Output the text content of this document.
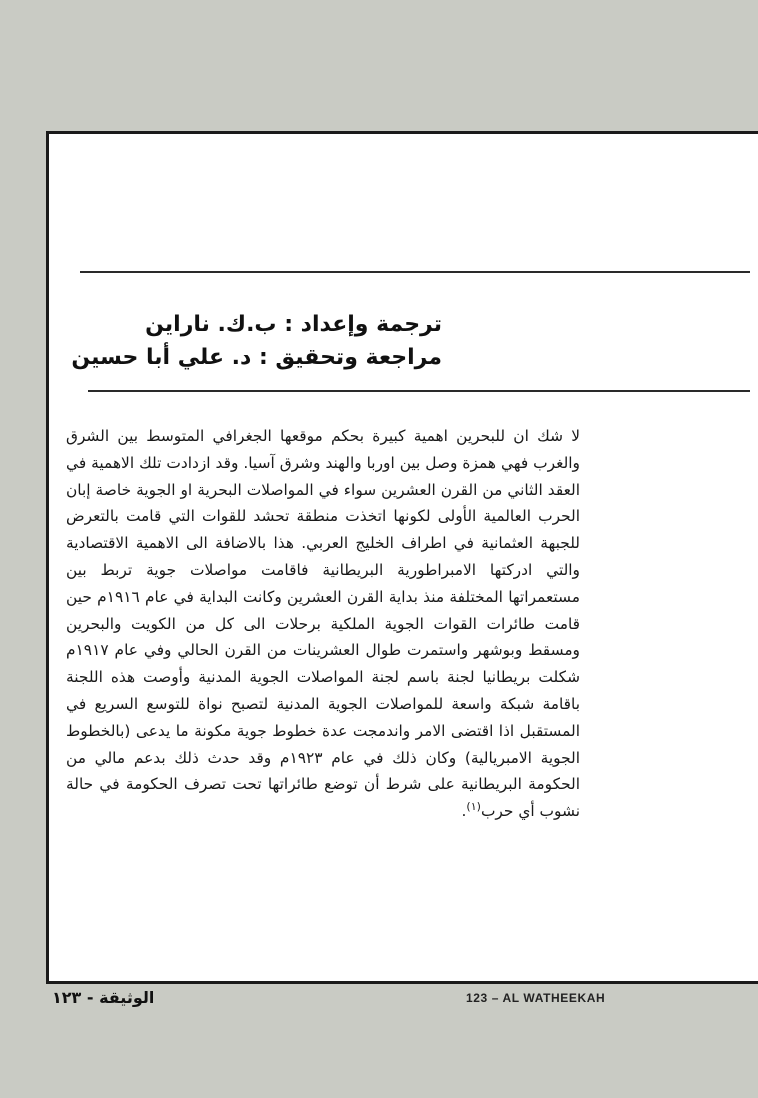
ترجمة وإعداد : ب.ك. ناراين
مراجعة وتحقيق : د. علي أبا حسين
لا شك ان للبحرين اهمية كبيرة بحكم موقعها الجغرافي المتوسط بين الشرق والغرب فهي همزة وصل بين اوربا والهند وشرق آسيا. وقد ازدادت تلك الاهمية في العقد الثاني من القرن العشرين سواء في المواصلات البحرية او الجوية خاصة إبان الحرب العالمية الأولى لكونها اتخذت منطقة تحشد للقوات التي قامت بالتعرض للجبهة العثمانية في اطراف الخليج العربي. هذا بالاضافة الى الاهمية الاقتصادية والتي ادركتها الامبراطورية البريطانية فاقامت مواصلات جوية تربط بين مستعمراتها المختلفة منذ بداية القرن العشرين وكانت البداية في عام ١٩١٦م حين قامت طائرات القوات الجوية الملكية برحلات الى كل من الكويت والبحرين ومسقط وبوشهر واستمرت طوال العشرينات من القرن الحالي وفي عام ١٩١٧م شكلت بريطانيا لجنة باسم لجنة المواصلات الجوية المدنية وأوصت هذه اللجنة باقامة شبكة واسعة للمواصلات الجوية المدنية لتصبح نواة للتوسع السريع في المستقبل اذا اقتضى الامر واندمجت عدة خطوط جوية مكونة ما يدعى (بالخطوط الجوية الامبريالية) وكان ذلك في عام ١٩٢٣م وقد حدث ذلك بدعم مالي من الحكومة البريطانية على شرط أن توضع طائراتها تحت تصرف الحكومة في حالة نشوب أي حرب$^{(١)}$.
الوثيقة - ١٢٣	123 – AL WATHEEKAH
